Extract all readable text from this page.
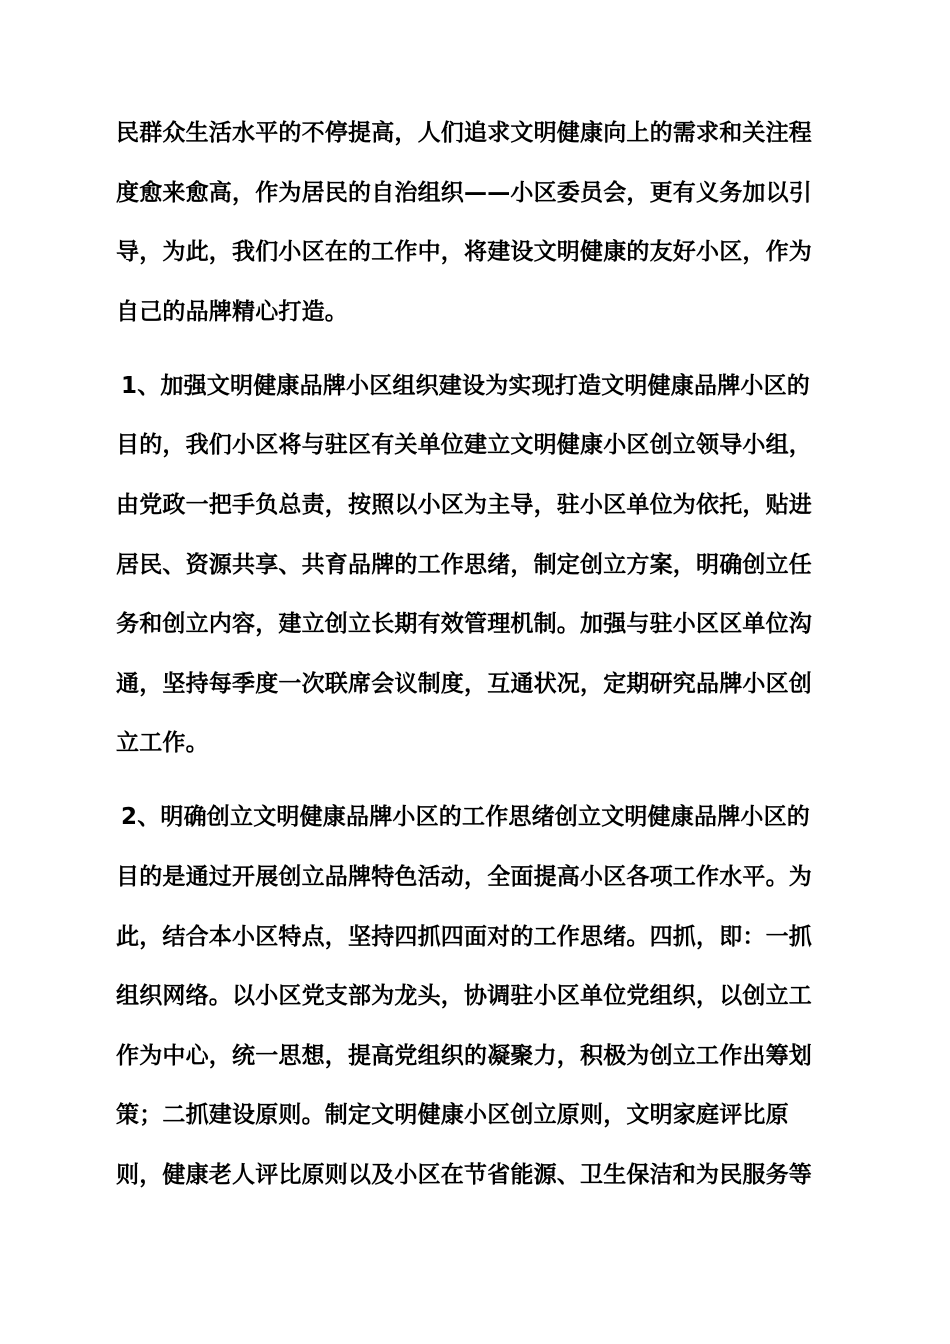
民群众生活水平的不停提高，人们追求文明健康向上的需求和关注程
度愈来愈高，作为居民的自治组织——小区委员会，更有义务加以引
导，为此，我们小区在的工作中，将建设文明健康的友好小区，作为
自己的品牌精心打造。
1、加强文明健康品牌小区组织建设为实现打造文明健康品牌小区的
目的，我们小区将与驻区有关单位建立文明健康小区创立领导小组，
由党政一把手负总责，按照以小区为主导，驻小区单位为依托，贴进
居民、资源共享、共育品牌的工作思绪，制定创立方案，明确创立任
务和创立内容，建立创立长期有效管理机制。加强与驻小区区单位沟
通，坚持每季度一次联席会议制度，互通状况，定期研究品牌小区创
立工作。
2、明确创立文明健康品牌小区的工作思绪创立文明健康品牌小区的
目的是通过开展创立品牌特色活动，全面提高小区各项工作水平。为
此，结合本小区特点，坚持四抓四面对的工作思绪。四抓，即：一抓
组织网络。以小区党支部为龙头，协调驻小区单位党组织，以创立工
作为中心，统一思想，提高党组织的凝聚力，积极为创立工作出筹划
策；二抓建设原则。制定文明健康小区创立原则，文明家庭评比原
则，健康老人评比原则以及小区在节省能源、卫生保洁和为民服务等
